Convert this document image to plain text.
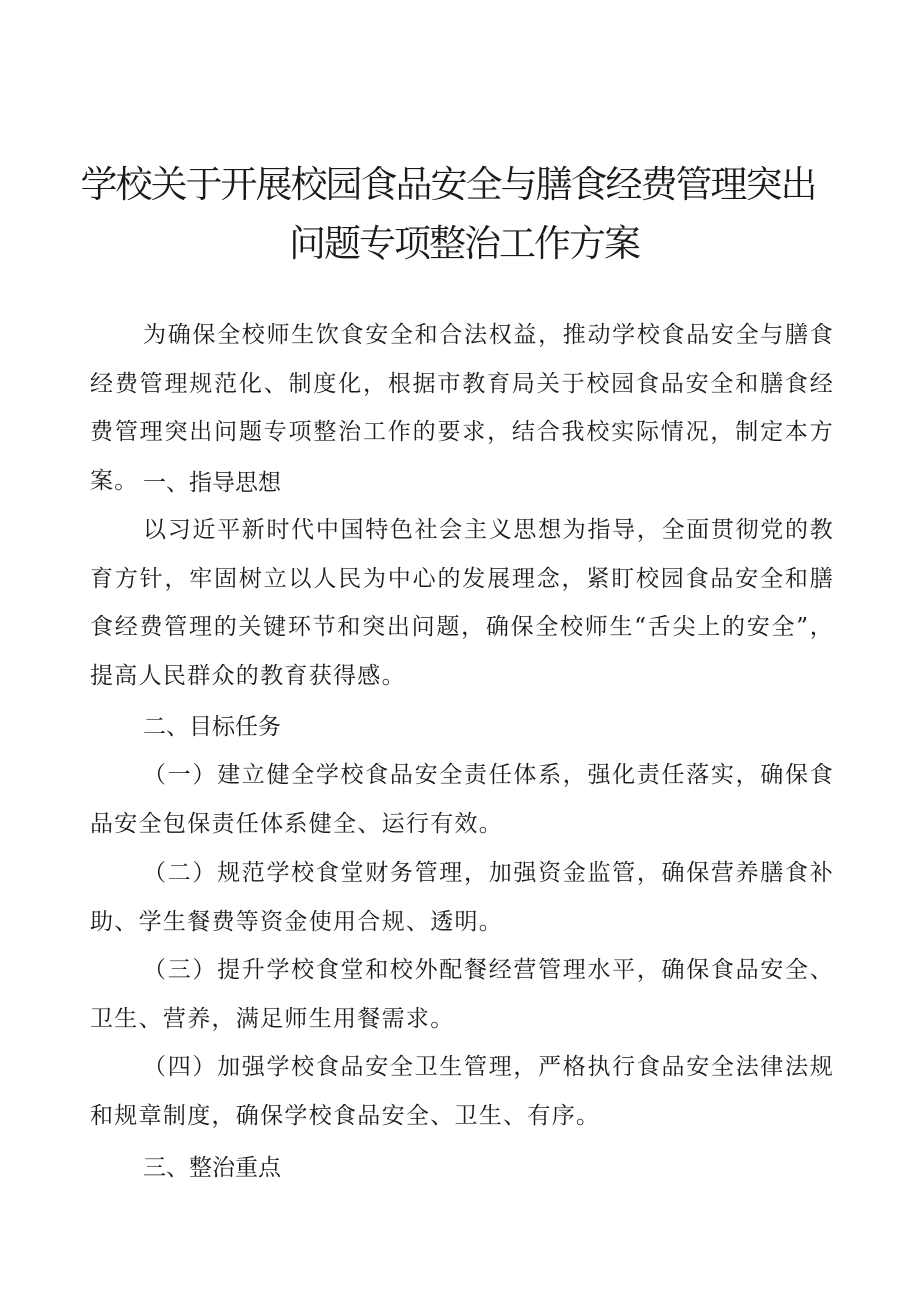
学校关于开展校园食品安全与膳食经费管理突出
问题专项整治工作方案

为确保全校师生饮食安全和合法权益，推动学校食品安全与膳食经费管理规范化、制度化，根据市教育局关于校园食品安全和膳食经费管理突出问题专项整治工作的要求，结合我校实际情况，制定本方案。 一、指导思想

以习近平新时代中国特色社会主义思想为指导，全面贯彻党的教育方针，牢固树立以人民为中心的发展理念，紧盯校园食品安全和膳食经费管理的关键环节和突出问题，确保全校师生“舌尖上的安全”，提高人民群众的教育获得感。

二、目标任务

（一）建立健全学校食品安全责任体系，强化责任落实，确保食品安全包保责任体系健全、运行有效。

（二）规范学校食堂财务管理，加强资金监管，确保营养膳食补助、学生餐费等资金使用合规、透明。

（三）提升学校食堂和校外配餐经营管理水平，确保食品安全、卫生、营养，满足师生用餐需求。

（四）加强学校食品安全卫生管理，严格执行食品安全法律法规和规章制度，确保学校食品安全、卫生、有序。

三、整治重点
